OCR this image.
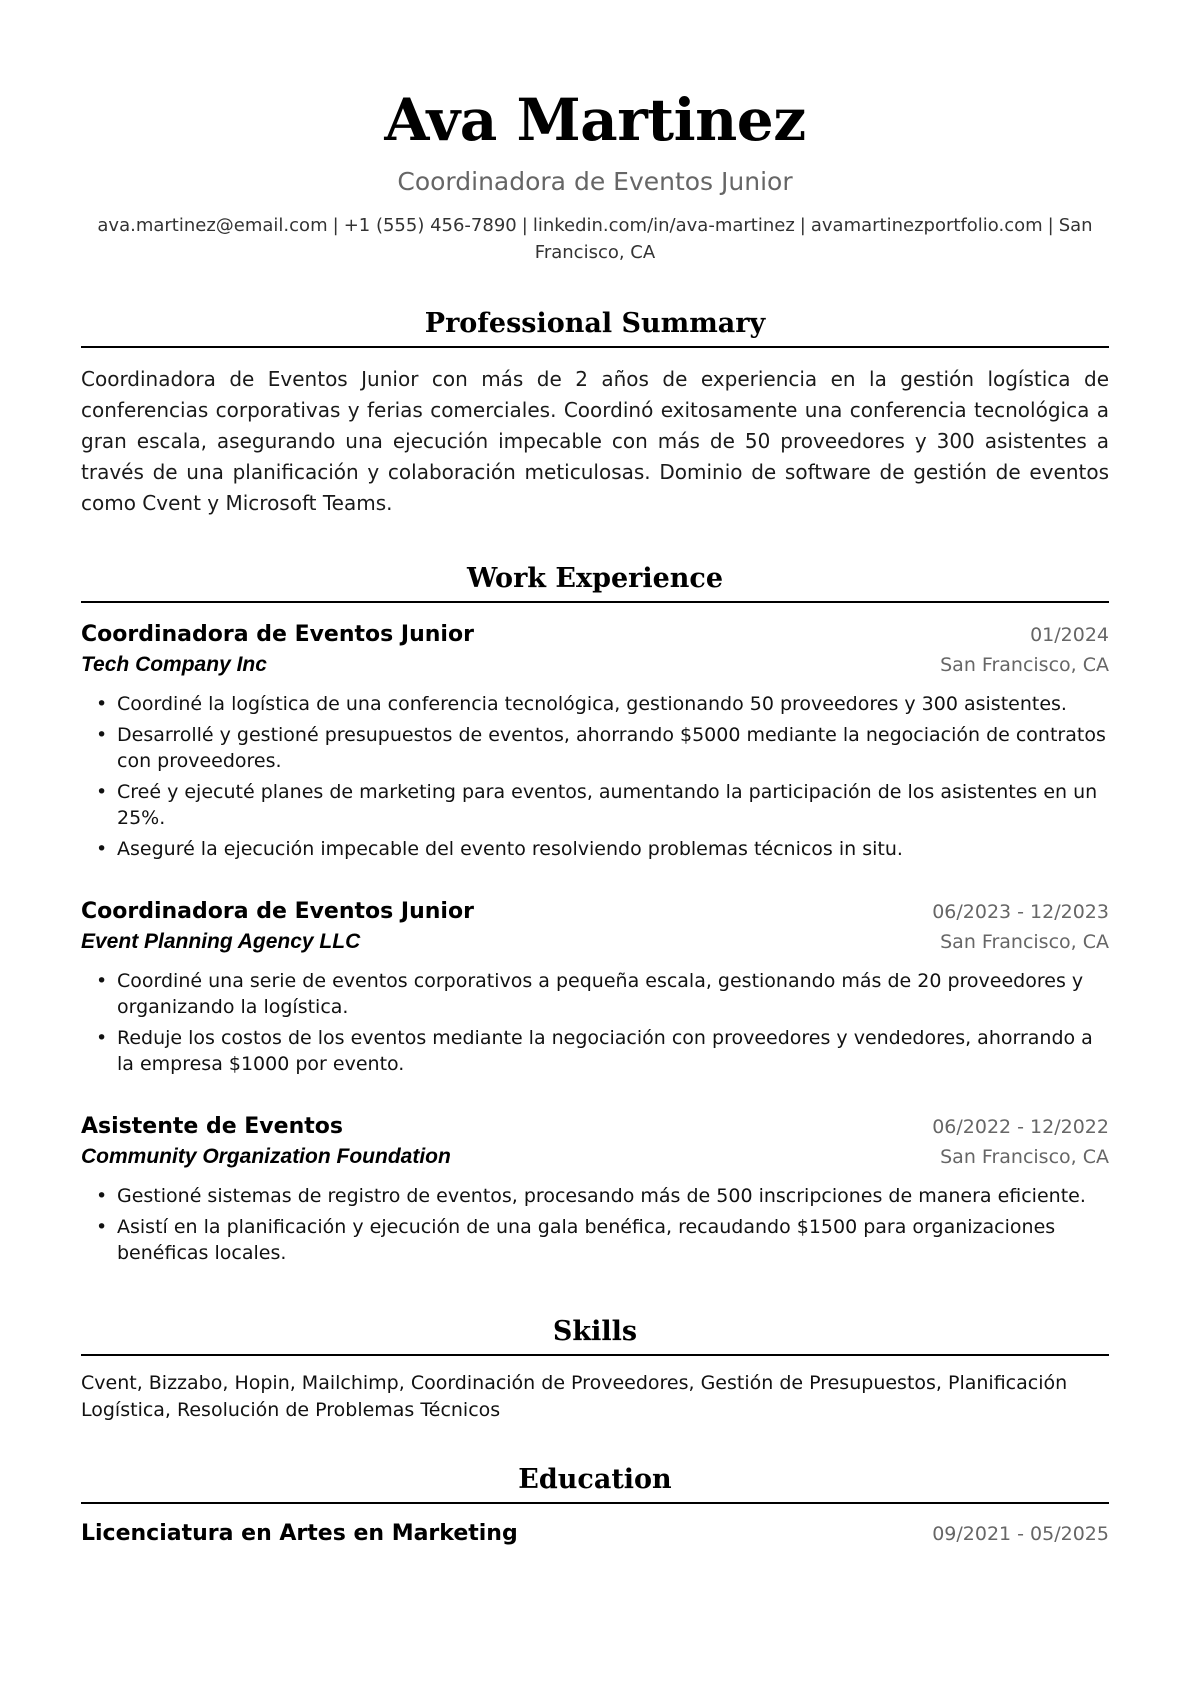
Ava Martinez
Coordinadora de Eventos Junior
ava.martinez@email.com | +1 (555) 456-7890 | linkedin.com/in/ava-martinez | avamartinezportfolio.com | San Francisco, CA
Professional Summary

Coordinadora de Eventos Junior con más de 2 años de experiencia en la gestión logística de conferencias corporativas y ferias comerciales. Coordinó exitosamente una conferencia tecnológica a gran escala, asegurando una ejecución impecable con más de 50 proveedores y 300 asistentes a través de una planificación y colaboración meticulosas. Dominio de software de gestión de eventos como Cvent y Microsoft Teams.

Work Experience
Coordinadora de Eventos Junior	01/2024
Tech Company Inc	San Francisco, CA
• Coordiné la logística de una conferencia tecnológica, gestionando 50 proveedores y 300 asistentes.
• Desarrollé y gestioné presupuestos de eventos, ahorrando $5000 mediante la negociación de contratos con proveedores.
• Creé y ejecuté planes de marketing para eventos, aumentando la participación de los asistentes en un 25%.
• Aseguré la ejecución impecable del evento resolviendo problemas técnicos in situ.
Coordinadora de Eventos Junior	06/2023 - 12/2023
Event Planning Agency LLC	San Francisco, CA
• Coordiné una serie de eventos corporativos a pequeña escala, gestionando más de 20 proveedores y organizando la logística.
• Reduje los costos de los eventos mediante la negociación con proveedores y vendedores, ahorrando a la empresa $1000 por evento.
Asistente de Eventos	06/2022 - 12/2022
Community Organization Foundation	San Francisco, CA
• Gestioné sistemas de registro de eventos, procesando más de 500 inscripciones de manera eficiente.
• Asistí en la planificación y ejecución de una gala benéfica, recaudando $1500 para organizaciones benéficas locales.
Skills
Cvent, Bizzabo, Hopin, Mailchimp, Coordinación de Proveedores, Gestión de Presupuestos, Planificación Logística, Resolución de Problemas Técnicos
Education
Licenciatura en Artes en Marketing	09/2021 - 05/2025
